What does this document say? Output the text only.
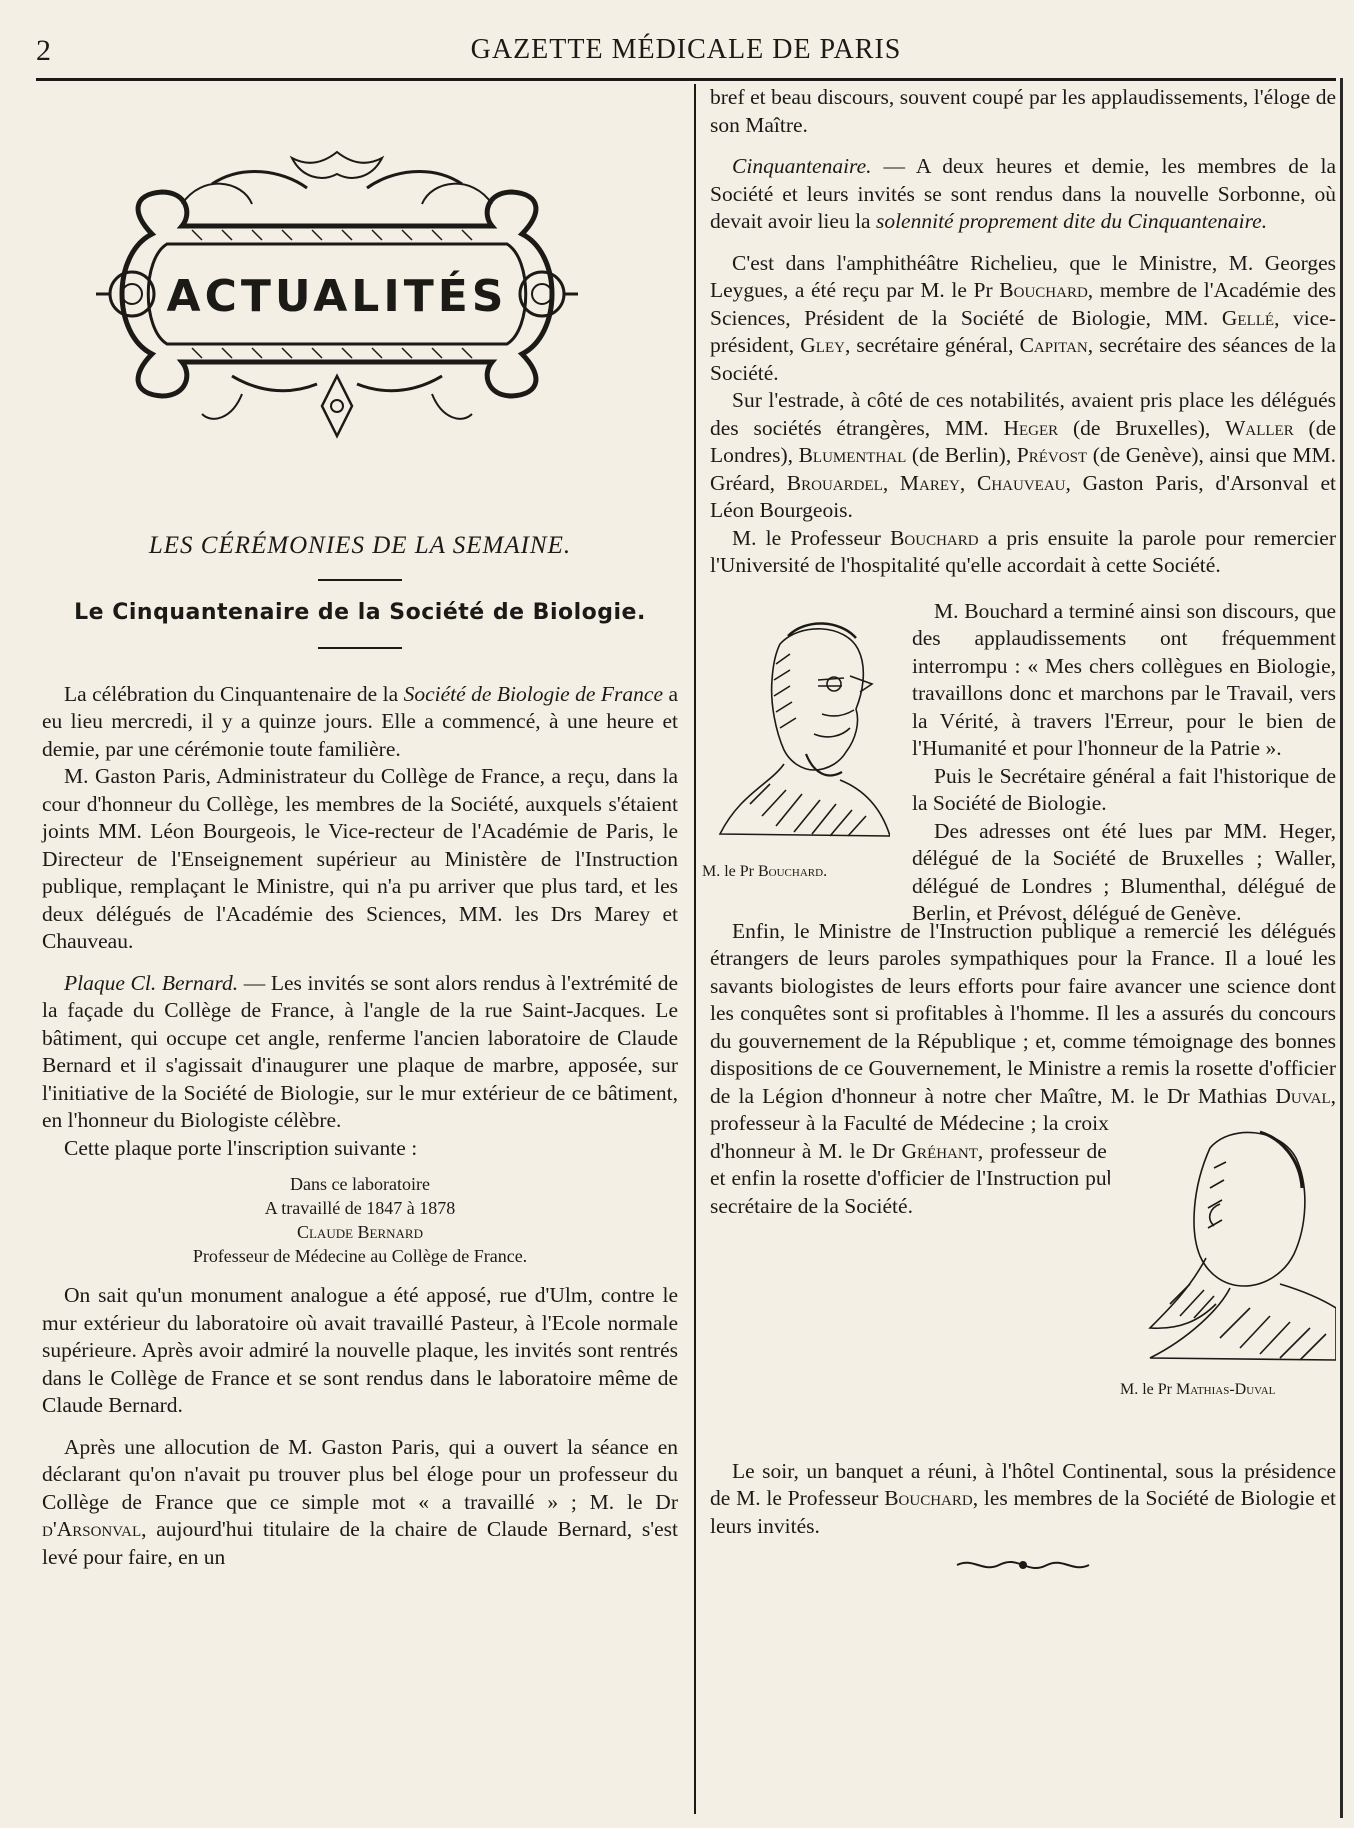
2	GAZETTE MÉDICALE DE PARIS
ACTUALITÉS
LES CÉRÉMONIES DE LA SEMAINE.
Le Cinquantenaire de la Société de Biologie.

La célébration du Cinquantenaire de la Société de Biologie de France a eu lieu mercredi, il y a quinze jours. Elle a commencé, à une heure et demie, par une cérémonie toute familière.

M. Gaston Paris, Administrateur du Collège de France, a reçu, dans la cour d'honneur du Collège, les membres de la Société, auxquels s'étaient joints MM. Léon Bourgeois, le Vice-recteur de l'Académie de Paris, le Directeur de l'Enseignement supérieur au Ministère de l'Instruction publique, remplaçant le Ministre, qui n'a pu arriver que plus tard, et les deux délégués de l'Académie des Sciences, MM. les Drs Marey et Chauveau.

Plaque Cl. Bernard. — Les invités se sont alors rendus à l'extrémité de la façade du Collège de France, à l'angle de la rue Saint-Jacques. Le bâtiment, qui occupe cet angle, renferme l'ancien laboratoire de Claude Bernard et il s'agissait d'inaugurer une plaque de marbre, apposée, sur l'initiative de la Société de Biologie, sur le mur extérieur de ce bâtiment, en l'honneur du Biologiste célèbre.

Cette plaque porte l'inscription suivante :

Dans ce laboratoire
A travaillé de 1847 à 1878
Claude Bernard
Professeur de Médecine au Collège de France.

On sait qu'un monument analogue a été apposé, rue d'Ulm, contre le mur extérieur du laboratoire où avait travaillé Pasteur, à l'Ecole normale supérieure. Après avoir admiré la nouvelle plaque, les invités sont rentrés dans le Collège de France et se sont rendus dans le laboratoire même de Claude Bernard.

Après une allocution de M. Gaston Paris, qui a ouvert la séance en déclarant qu'on n'avait pu trouver plus bel éloge pour un professeur du Collège de France que ce simple mot « a travaillé » ; M. le Dr d'Arsonval, aujourd'hui titulaire de la chaire de Claude Bernard, s'est levé pour faire, en un

bref et beau discours, souvent coupé par les applaudissements, l'éloge de son Maître.

Cinquantenaire. — A deux heures et demie, les membres de la Société et leurs invités se sont rendus dans la nouvelle Sorbonne, où devait avoir lieu la solennité proprement dite du Cinquantenaire.

C'est dans l'amphithéâtre Richelieu, que le Ministre, M. Georges Leygues, a été reçu par M. le Pr Bouchard, membre de l'Académie des Sciences, Président de la Société de Biologie, MM. Gellé, vice-président, Gley, secrétaire général, Capitan, secrétaire des séances de la Société.

Sur l'estrade, à côté de ces notabilités, avaient pris place les délégués des sociétés étrangères, MM. Heger (de Bruxelles), Waller (de Londres), Blumenthal (de Berlin), Prévost (de Genève), ainsi que MM. Gréard, Brouardel, Marey, Chauveau, Gaston Paris, d'Arsonval et Léon Bourgeois.

M. le Professeur Bouchard a pris ensuite la parole pour remercier l'Université de l'hospitalité qu'elle accordait à cette Société.

M. le Pr Bouchard.

M. Bouchard a terminé ainsi son discours, que des applaudissements ont fréquemment interrompu : « Mes chers collègues en Biologie, travaillons donc et marchons par le Travail, vers la Vérité, à travers l'Erreur, pour le bien de l'Humanité et pour l'honneur de la Patrie ».

Puis le Secrétaire général a fait l'historique de la Société de Biologie.

Des adresses ont été lues par MM. Heger, délégué de la Société de Bruxelles ; Waller, délégué de Londres ; Blumenthal, délégué de Berlin, et Prévost, délégué de Genève.

Enfin, le Ministre de l'Instruction publique a remercié les délégués étrangers de leurs paroles sympathiques pour la France. Il a loué les savants biologistes de leurs efforts pour faire avancer une science dont les conquêtes sont si profitables à l'homme. Il les a assurés du concours du gouvernement de la République ; et, comme témoignage des bonnes dispositions de ce Gouvernement, le Ministre a remis la rosette d'officier de la Légion d'honneur à notre cher Maître, M. le Dr Mathias Duval, professeur à la Faculté de Médecine ; la croix de chevalier de la Légion d'honneur à M. le Dr Gréhant, professeur de physiologie au Muséum ; et enfin la rosette d'officier de l'Instruction publique à M. le Dr Capitan, secrétaire de la Société.

M. le Pr Mathias-Duval

Le soir, un banquet a réuni, à l'hôtel Continental, sous la présidence de M. le Professeur Bouchard, les membres de la Société de Biologie et leurs invités.
